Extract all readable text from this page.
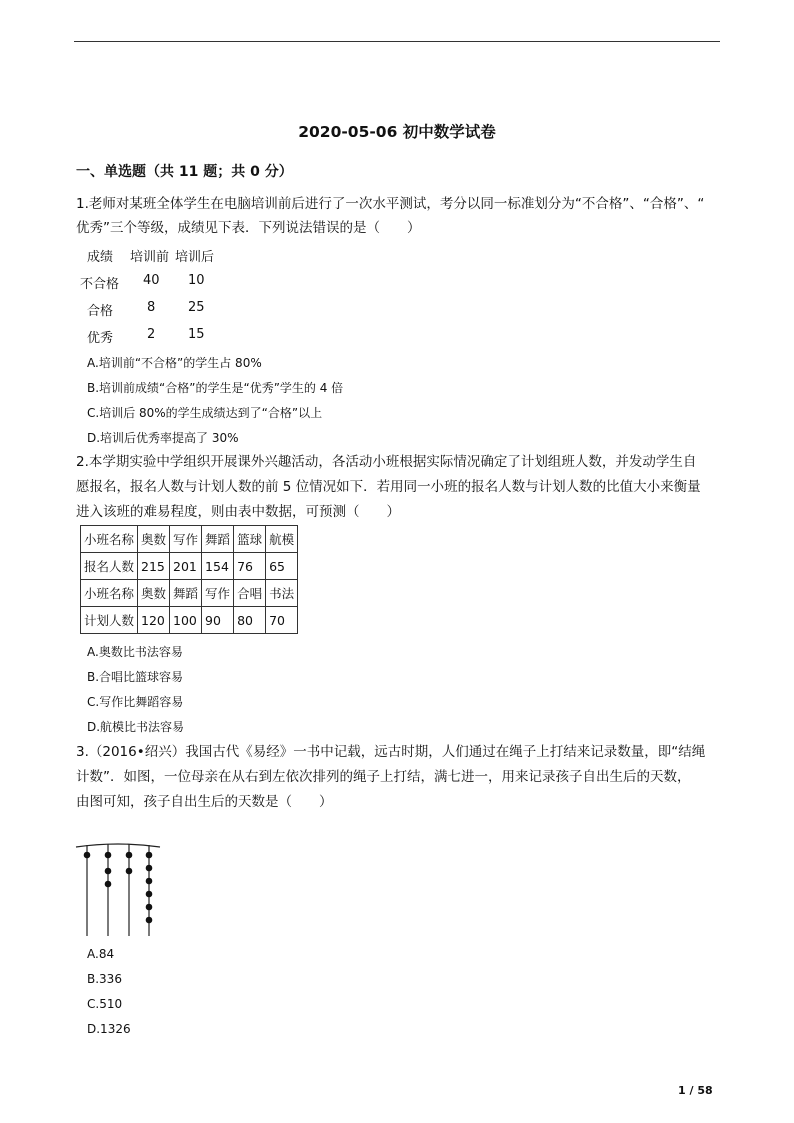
2020-05-06 初中数学试卷
一、单选题（共 11 题；共 0 分）
1.老师对某班全体学生在电脑培训前后进行了一次水平测试，考分以同一标准划分为“不合格”、“合格”、“
优秀”三个等级，成绩见下表．下列说法错误的是（　　）
成绩 培训前 培训后
不合格 40 10
合格	8	25
优秀	2	15
A.培训前“不合格”的学生占 80%
B.培训前成绩“合格”的学生是“优秀”学生的 4 倍
C.培训后 80%的学生成绩达到了“合格”以上
D.培训后优秀率提高了 30%
2.本学期实验中学组织开展课外兴趣活动，各活动小班根据实际情况确定了计划组班人数，并发动学生自
愿报名，报名人数与计划人数的前 5 位情况如下．若用同一小班的报名人数与计划人数的比值大小来衡量
进入该班的难易程度，则由表中数据，可预测（　　）
小班名称	奥数	写作	舞蹈	篮球	航模
报名人数	215	201	154	76	65
小班名称	奥数	舞蹈	写作	合唱	书法
计划人数	120	100	90	80	70
A.奥数比书法容易
B.合唱比篮球容易
C.写作比舞蹈容易
D.航模比书法容易
3.（2016•绍兴）我国古代《易经》一书中记载，远古时期，人们通过在绳子上打结来记录数量，即“结绳
计数”．如图，一位母亲在从右到左依次排列的绳子上打结，满七进一，用来记录孩子自出生后的天数，
由图可知，孩子自出生后的天数是（　　）
A.84
B.336
C.510
D.1326
1 / 58
